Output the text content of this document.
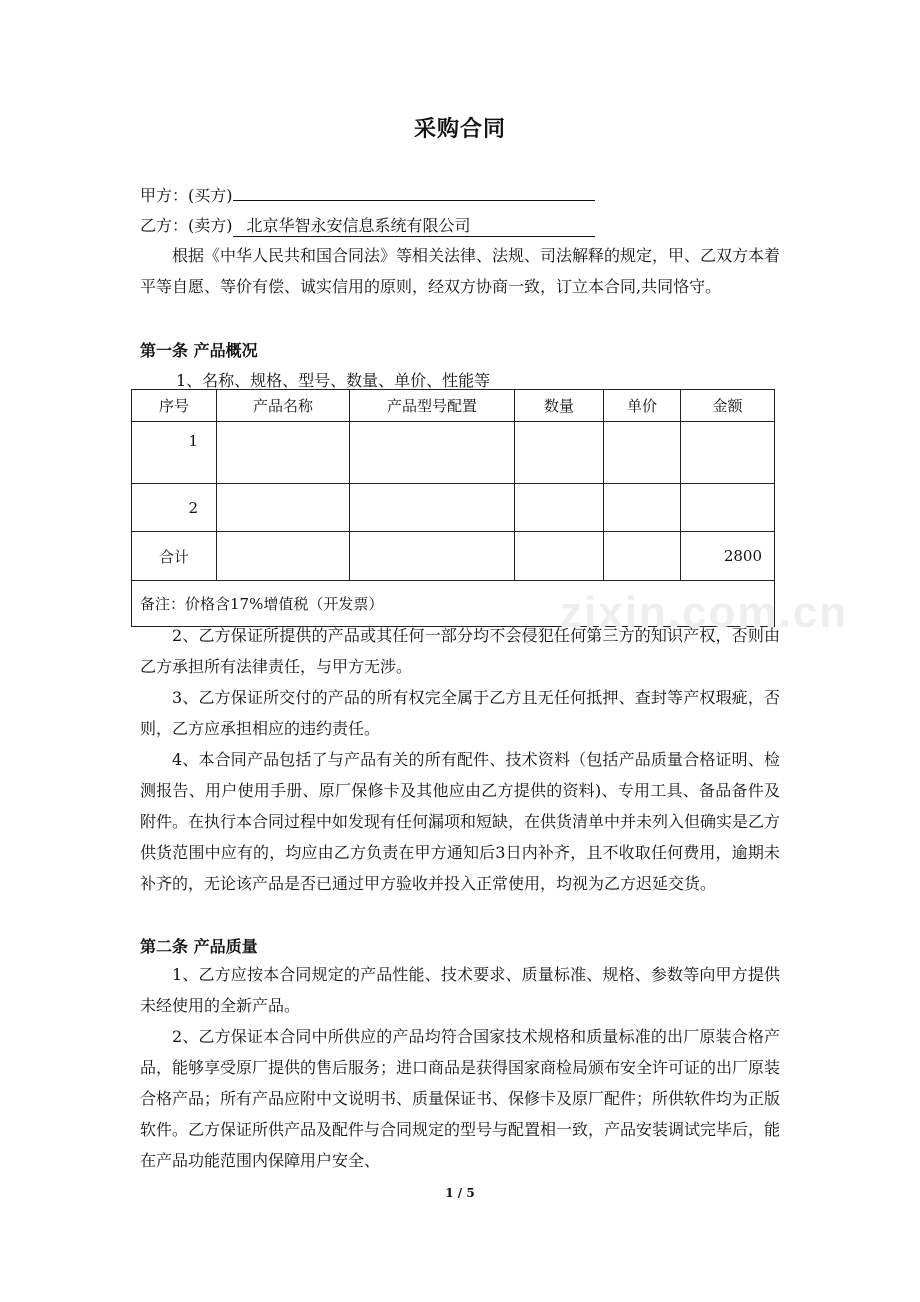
采购合同
甲方：(买方)
乙方：(卖方) 北京华智永安信息系统有限公司
根据《中华人民共和国合同法》等相关法律、法规、司法解释的规定，甲、乙双方本着平等自愿、等价有偿、诚实信用的原则，经双方协商一致，订立本合同,共同恪守。
第一条 产品概况
1、名称、规格、型号、数量、单价、性能等
序号	产品名称	产品型号配置	数量	单价	金额
1					
2					
合计					2800
备注：价格含17%增值税（开发票）						zixin.com.cn
2、乙方保证所提供的产品或其任何一部分均不会侵犯任何第三方的知识产权，否则由乙方承担所有法律责任，与甲方无涉。
3、乙方保证所交付的产品的所有权完全属于乙方且无任何抵押、查封等产权瑕疵，否则，乙方应承担相应的违约责任。
4、本合同产品包括了与产品有关的所有配件、技术资料（包括产品质量合格证明、检测报告、用户使用手册、原厂保修卡及其他应由乙方提供的资料)、专用工具、备品备件及附件。在执行本合同过程中如发现有任何漏项和短缺，在供货清单中并未列入但确实是乙方供货范围中应有的，均应由乙方负责在甲方通知后3日内补齐，且不收取任何费用，逾期未补齐的，无论该产品是否已通过甲方验收并投入正常使用，均视为乙方迟延交货。
第二条 产品质量
1、乙方应按本合同规定的产品性能、技术要求、质量标准、规格、参数等向甲方提供未经使用的全新产品。
2、乙方保证本合同中所供应的产品均符合国家技术规格和质量标准的出厂原装合格产品，能够享受原厂提供的售后服务；进口商品是获得国家商检局颁布安全许可证的出厂原装合格产品；所有产品应附中文说明书、质量保证书、保修卡及原厂配件；所供软件均为正版软件。乙方保证所供产品及配件与合同规定的型号与配置相一致，产品安装调试完毕后，能在产品功能范围内保障用户安全、
1 / 5
